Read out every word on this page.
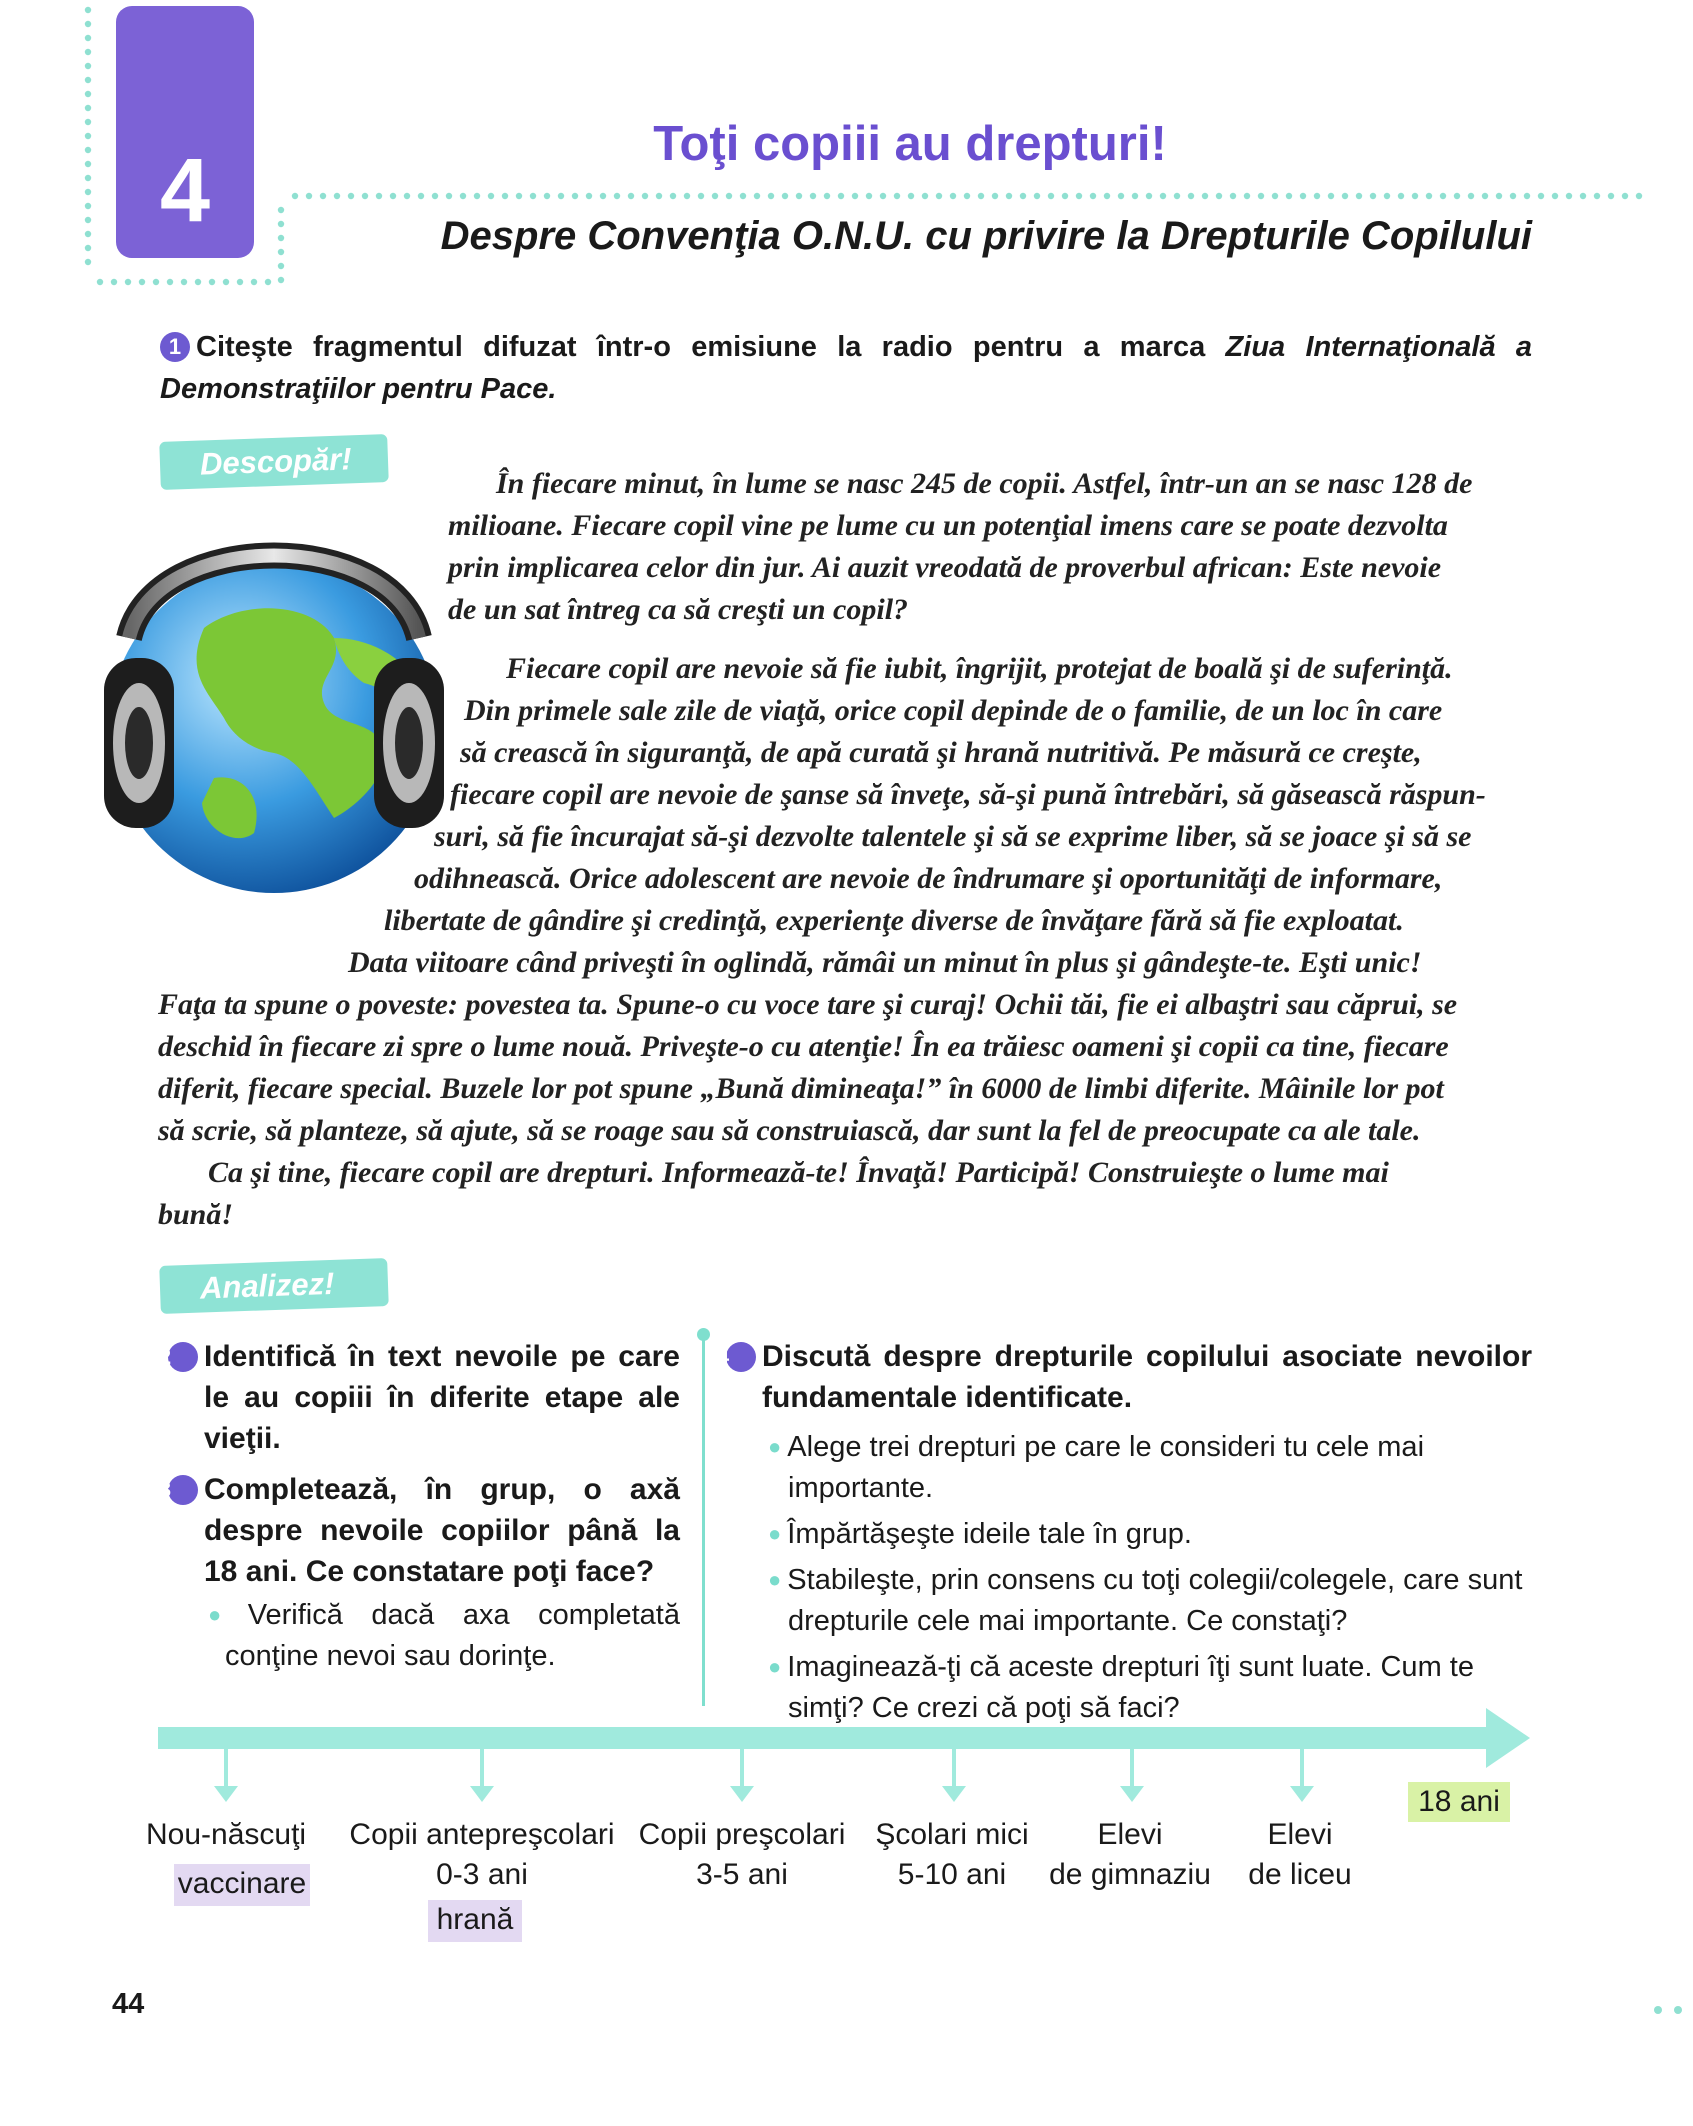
4	Toţi copiii au drepturi!
Despre Convenţia O.N.U. cu privire la Drepturile Copilului
1 Citeşte fragmentul difuzat într-o emisiune la radio pentru a marca Ziua Internaţională a Demonstraţiilor pentru Pace.
Descopăr!
În fiecare minut, în lume se nasc 245 de copii. Astfel, într-un an se nasc 128 de
milioane. Fiecare copil vine pe lume cu un potenţial imens care se poate dezvolta
prin implicarea celor din jur. Ai auzit vreodată de proverbul african: Este nevoie
de un sat întreg ca să creşti un copil?
Fiecare copil are nevoie să fie iubit, îngrijit, protejat de boală şi de suferinţă.
Din primele sale zile de viaţă, orice copil depinde de o familie, de un loc în care
să crească în siguranţă, de apă curată şi hrană nutritivă. Pe măsură ce creşte,
fiecare copil are nevoie de şanse să înveţe, să-şi pună întrebări, să găsească răspun-
suri, să fie încurajat să-şi dezvolte talentele şi să se exprime liber, să se joace şi să se
odihnească. Orice adolescent are nevoie de îndrumare şi oportunităţi de informare,
libertate de gândire şi credinţă, experienţe diverse de învăţare fără să fie exploatat.
Data viitoare când priveşti în oglindă, rămâi un minut în plus şi gândeşte-te. Eşti unic!
Faţa ta spune o poveste: povestea ta. Spune-o cu voce tare şi curaj! Ochii tăi, fie ei albaştri sau căprui, se
deschid în fiecare zi spre o lume nouă. Priveşte-o cu atenţie! În ea trăiesc oameni şi copii ca tine, fiecare
diferit, fiecare special. Buzele lor pot spune „Bună dimineaţa!” în 6000 de limbi diferite. Mâinile lor pot
să scrie, să planteze, să ajute, să se roage sau să construiască, dar sunt la fel de preocupate ca ale tale.
Ca şi tine, fiecare copil are drepturi. Informează-te! Învaţă! Participă! Construieşte o lume mai
bună!
Analizez!
2 Identifică în text nevoile pe care le au copiii în diferite etape ale vieţii.
3 Completează, în grup, o axă despre nevoile copiilor până la 18 ani. Ce constatare poţi face?

● Verifică dacă axa completată conţine nevoi sau dorinţe.

4 Discută despre drepturile copilului asociate nevoilor fundamentale identificate.

● Alege trei drepturi pe care le consideri tu cele mai importante.

● Împărtăşeşte ideile tale în grup.

● Stabileşte, prin consens cu toţi colegii/colegele, care sunt drepturile cele mai importante. Ce constaţi?

● Imaginează-ţi că aceste drepturi îţi sunt luate. Cum te simţi? Ce crezi că poţi să faci?

Nou-născuţi	Copii antepreşcolari
0-3 ani
Copii preşcolari
3-5 ani
Şcolari mici
5-10 ani
Elevi
de gimnaziu
Elevi
de liceu
vaccinare
hrană
18 ani
44
